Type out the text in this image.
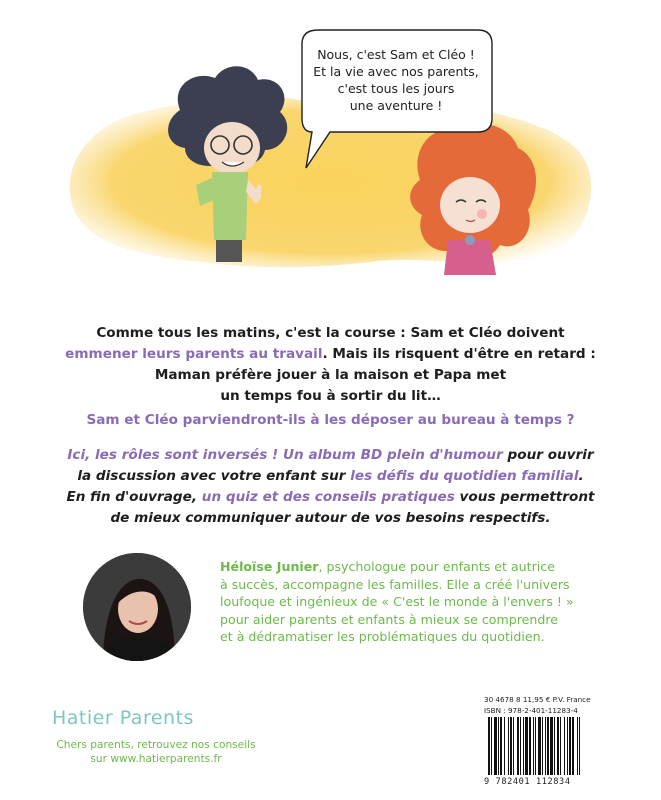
Nous, c'est Sam et Cléo !
Et la vie avec nos parents,
c'est tous les jours
une aventure !
Comme tous les matins, c'est la course : Sam et Cléo doivent
emmener leurs parents au travail. Mais ils risquent d'être en retard :
Maman préfère jouer à la maison et Papa met
un temps fou à sortir du lit…
Sam et Cléo parviendront-ils à les déposer au bureau à temps ?
Ici, les rôles sont inversés ! Un album BD plein d'humour pour ouvrir
la discussion avec votre enfant sur les défis du quotidien familial.
En fin d'ouvrage, un quiz et des conseils pratiques vous permettront
de mieux communiquer autour de vos besoins respectifs.
Héloïse Junier, psychologue pour enfants et autrice
à succès, accompagne les familles. Elle a créé l'univers
loufoque et ingénieux de « C'est le monde à l'envers ! »
pour aider parents et enfants à mieux se comprendre
et à dédramatiser les problématiques du quotidien.
Hatier Parents
Chers parents, retrouvez nos conseils
sur www.hatierparents.fr
30 4678 8 11,95 € P.V. France
ISBN : 978-2-401-11283-4
9 782401 112834
